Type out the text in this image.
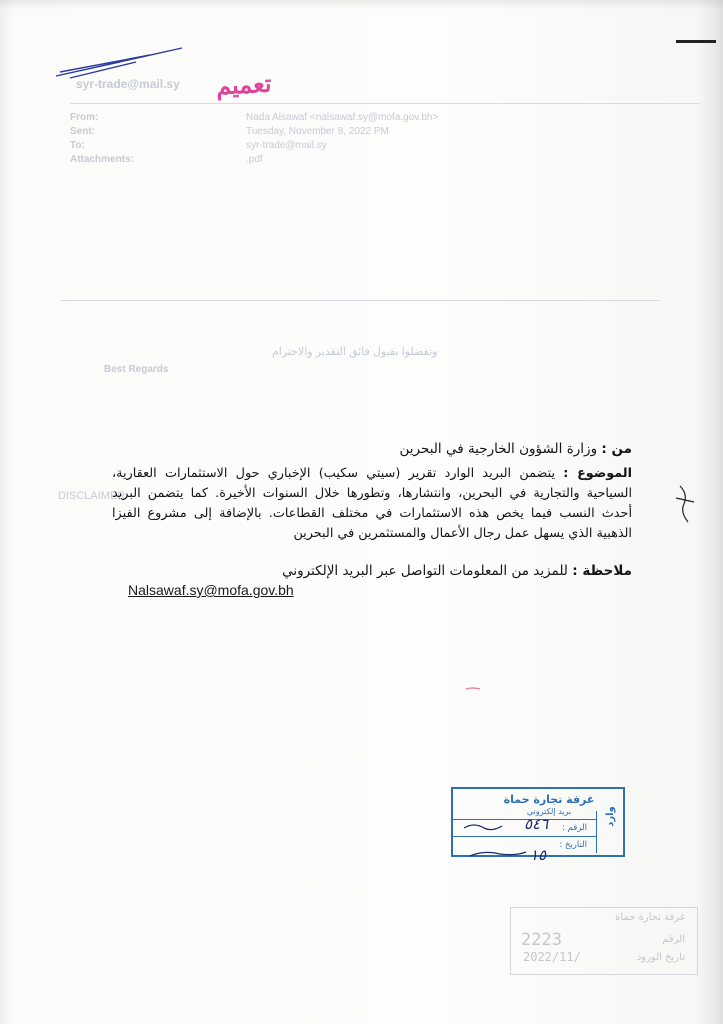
syr-trade@mail.sy
From:
Sent:
To:
Attachments:
Nada Alsawaf <nalsawaf.sy@mofa.gov.bh>
Tuesday, November 8, 2022 PM
syr-trade@mail.sy
.pdf
وتفضلوا بقبول فائق التقدير والاحترام
Best Regards
DISCLAIMER
تعميم
من : وزارة الشؤون الخارجية في البحرين
الموضوع : يتضمن البريد الوارد تقرير (سيتي سكيب) الإخباري حول الاستثمارات العقارية، السياحية والتجارية في البحرين، وانتشارها، وتطورها خلال السنوات الأخيرة. كما يتضمن البريد أحدث النسب فيما يخص هذه الاستثمارات في مختلف القطاعات. بالإضافة إلى مشروع الفيزا الذهبية الذي يسهل عمل رجال الأعمال والمستثمرين في البحرين
ملاحظة : للمزيد من المعلومات التواصل عبر البريد الإلكتروني
Nalsawaf.sy@mofa.gov.bh
غرفة تجارة حماة
بريد إلكتروني
الرقم :
التاريخ :
وارد
٥٤٦
١٥
غرفة تجارة حماة
الرقم
تاريخ الورود
2223
2022/11/
